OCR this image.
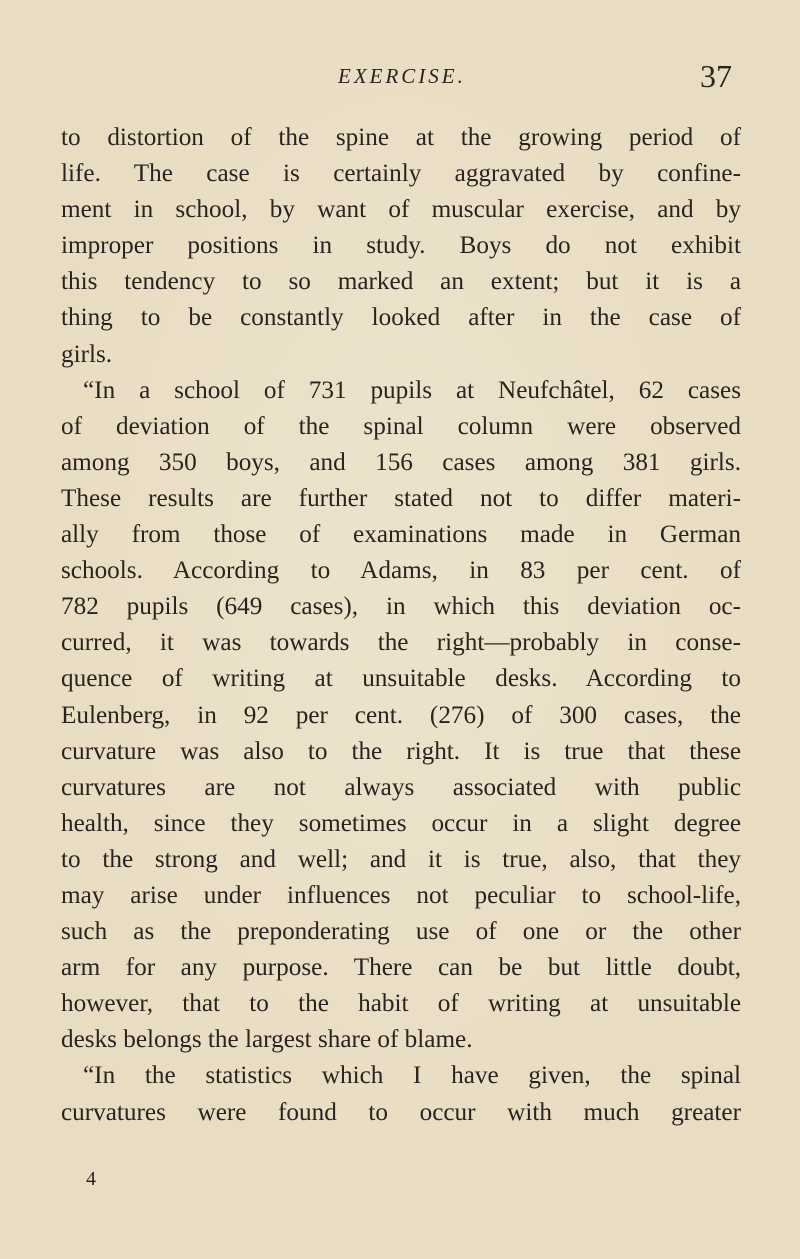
EXERCISE.	37
to distortion of the spine at the growing period of
life. The case is certainly aggravated by confine-
ment in school, by want of muscular exercise, and by
improper positions in study. Boys do not exhibit
this tendency to so marked an extent; but it is a
thing to be constantly looked after in the case of
girls.
“In a school of 731 pupils at Neufchâtel, 62 cases
of deviation of the spinal column were observed
among 350 boys, and 156 cases among 381 girls.
These results are further stated not to differ materi-
ally from those of examinations made in German
schools. According to Adams, in 83 per cent. of
782 pupils (649 cases), in which this deviation oc-
curred, it was towards the right—probably in conse-
quence of writing at unsuitable desks. According to
Eulenberg, in 92 per cent. (276) of 300 cases, the
curvature was also to the right. It is true that these
curvatures are not always associated with public
health, since they sometimes occur in a slight degree
to the strong and well; and it is true, also, that they
may arise under influences not peculiar to school-life,
such as the preponderating use of one or the other
arm for any purpose. There can be but little doubt,
however, that to the habit of writing at unsuitable
desks belongs the largest share of blame.
“In the statistics which I have given, the spinal
curvatures were found to occur with much greater
4
